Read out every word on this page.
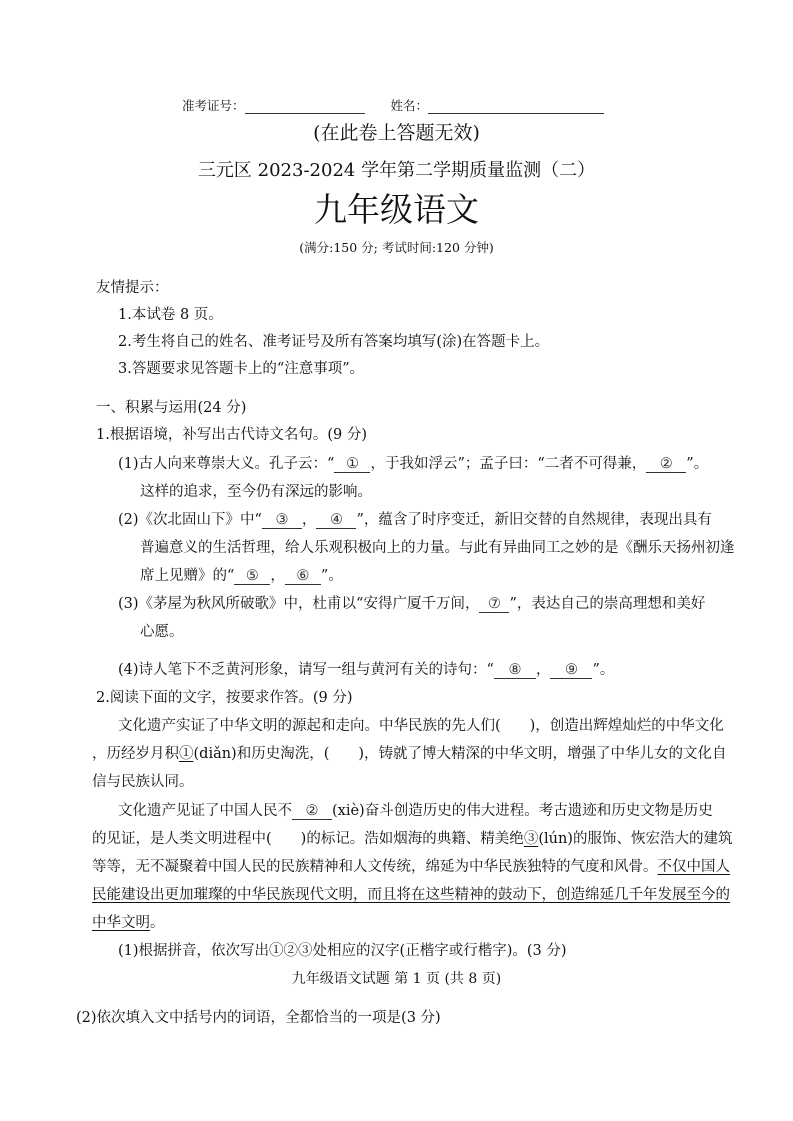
准考证号：	姓名：
(在此卷上答题无效)
三元区 2023-2024 学年第二学期质量监测（二）
九年级语文
(满分:150 分; 考试时间:120 分钟)
友情提示：
1.本试卷 8 页。
2.考生将自己的姓名、准考证号及所有答案均填写(涂)在答题卡上。
3.答题要求见答题卡上的“注意事项”。
一、积累与运用(24 分)
1.根据语境，补写出古代诗文名句。(9 分)
(1)古人向来尊崇大义。孔子云：“ ① ，于我如浮云”；孟子曰：“二者不可得兼， ② ”。
这样的追求，至今仍有深远的影响。
(2)《次北固山下》中“ ③ ， ④ ”，蕴含了时序变迁，新旧交替的自然规律，表现出具有
普遍意义的生活哲理，给人乐观积极向上的力量。与此有异曲同工之妙的是《酬乐天扬州初逢
席上见赠》的“ ⑤ ， ⑥ ”。
(3)《茅屋为秋风所破歌》中，杜甫以“安得广厦千万间， ⑦ ”，表达自己的崇高理想和美好
心愿。
(4)诗人笔下不乏黄河形象，请写一组与黄河有关的诗句：“ ⑧ ， ⑨ ”。
2.阅读下面的文字，按要求作答。(9 分)
文化遗产实证了中华文明的源起和走向。中华民族的先人们(　　)，创造出辉煌灿烂的中华文化
，历经岁月积①(diǎn)和历史淘洗，(　　)，铸就了博大精深的中华文明，增强了中华儿女的文化自
信与民族认同。
文化遗产见证了中国人民不 ② (xiè)奋斗创造历史的伟大进程。考古遗迹和历史文物是历史
的见证，是人类文明进程中(　　)的标记。浩如烟海的典籍、精美绝③(lún)的服饰、恢宏浩大的建筑
等等，无不凝聚着中国人民的民族精神和人文传统，绵延为中华民族独特的气度和风骨。不仅中国人
民能建设出更加璀璨的中华民族现代文明，而且将在这些精神的鼓动下，创造绵延几千年发展至今的
中华文明。
(1)根据拼音，依次写出①②③处相应的汉字(正楷字或行楷字)。(3 分)
九年级语文试题 第 1 页 (共 8 页)
(2)依次填入文中括号内的词语，全都恰当的一项是(3 分)
